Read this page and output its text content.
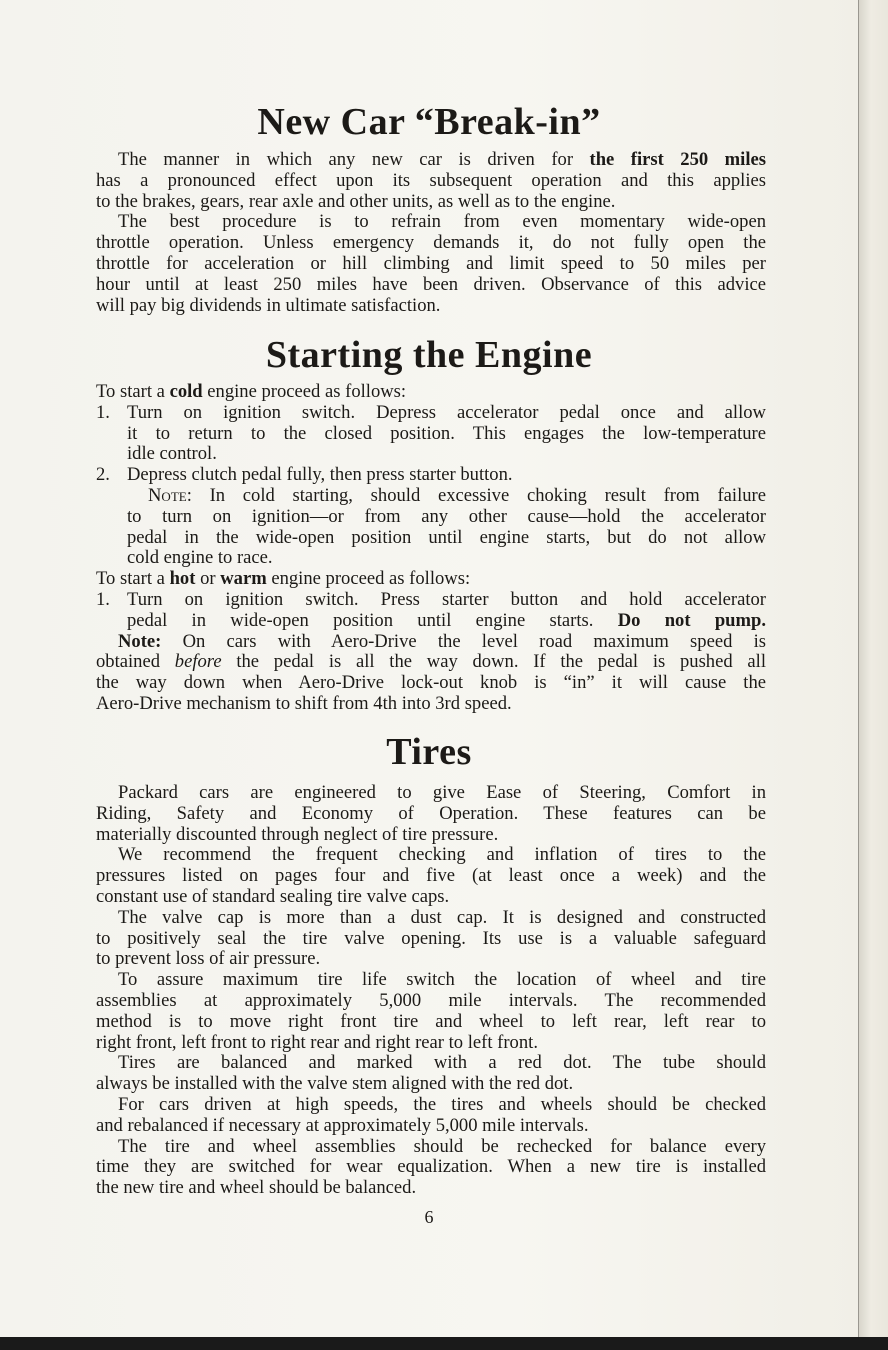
New Car “Break-in”
The manner in which any new car is driven for the first 250 miles
has a pronounced effect upon its subsequent operation and this applies
to the brakes, gears, rear axle and other units, as well as to the engine.
The best procedure is to refrain from even momentary wide-open
throttle operation. Unless emergency demands it, do not fully open the
throttle for acceleration or hill climbing and limit speed to 50 miles per
hour until at least 250 miles have been driven. Observance of this advice
will pay big dividends in ultimate satisfaction.
Starting the Engine
To start a cold engine proceed as follows:
1. Turn on ignition switch. Depress accelerator pedal once and allow
it to return to the closed position. This engages the low-temperature
idle control.
2. Depress clutch pedal fully, then press starter button.
Note: In cold starting, should excessive choking result from failure
to turn on ignition—or from any other cause—hold the accelerator
pedal in the wide-open position until engine starts, but do not allow
cold engine to race.
To start a hot or warm engine proceed as follows:
1. Turn on ignition switch. Press starter button and hold accelerator
pedal in wide-open position until engine starts. Do not pump.
Note: On cars with Aero-Drive the level road maximum speed is
obtained before the pedal is all the way down. If the pedal is pushed all
the way down when Aero-Drive lock-out knob is “in” it will cause the
Aero-Drive mechanism to shift from 4th into 3rd speed.
Tires
Packard cars are engineered to give Ease of Steering, Comfort in
Riding, Safety and Economy of Operation. These features can be
materially discounted through neglect of tire pressure.
We recommend the frequent checking and inflation of tires to the
pressures listed on pages four and five (at least once a week) and the
constant use of standard sealing tire valve caps.
The valve cap is more than a dust cap. It is designed and constructed
to positively seal the tire valve opening. Its use is a valuable safeguard
to prevent loss of air pressure.
To assure maximum tire life switch the location of wheel and tire
assemblies at approximately 5,000 mile intervals. The recommended
method is to move right front tire and wheel to left rear, left rear to
right front, left front to right rear and right rear to left front.
Tires are balanced and marked with a red dot. The tube should
always be installed with the valve stem aligned with the red dot.
For cars driven at high speeds, the tires and wheels should be checked
and rebalanced if necessary at approximately 5,000 mile intervals.
The tire and wheel assemblies should be rechecked for balance every
time they are switched for wear equalization. When a new tire is installed
the new tire and wheel should be balanced.
6
